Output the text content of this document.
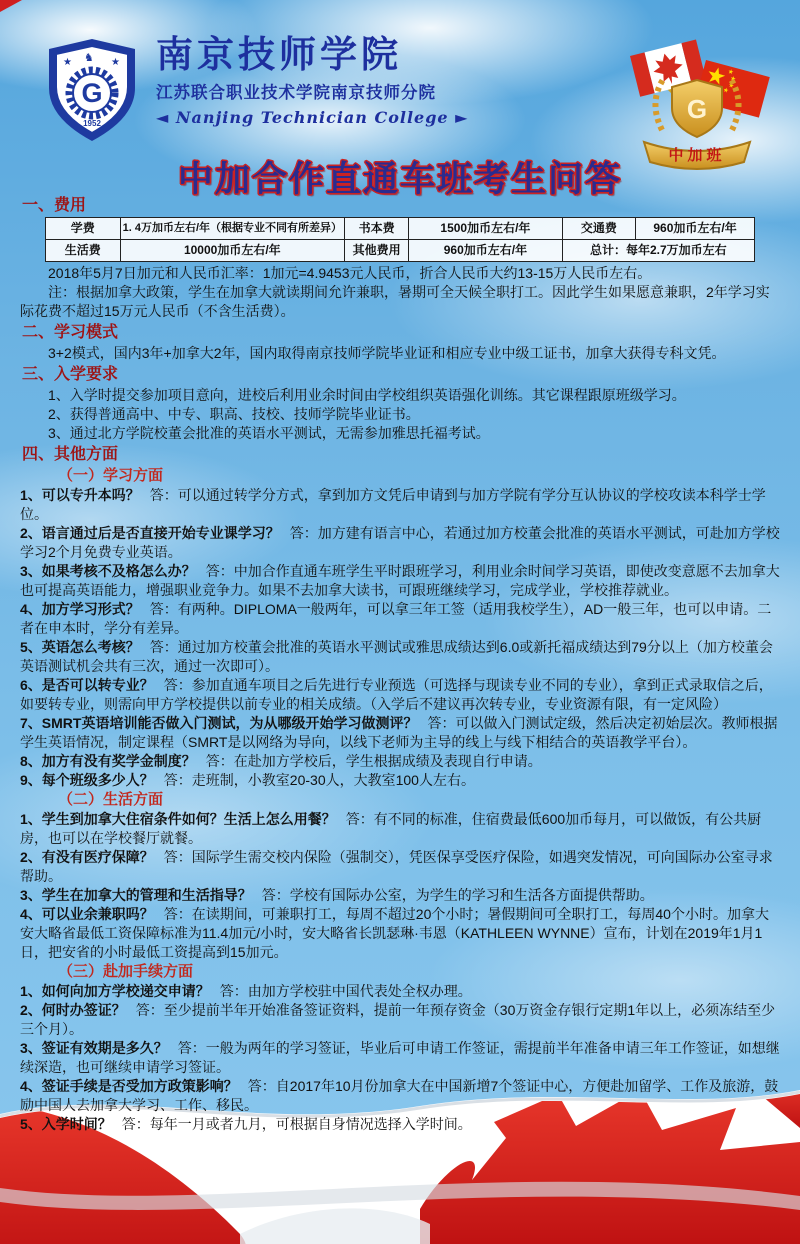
★	★
♞
G
1952
南京技师学院
江苏联合职业技术学院南京技师分院
◄ Nanjing Technician College ►	G
中加班
中加合作直通车班考生问答
一、费用
学费	1. 4万加币左右/年（根据专业不同有所差异）	书本费	1500加币左右/年	交通费	960加币左右/年
生活费	10000加币左右/年	其他费用	960加币左右/年	总计：每年2.7万加币左右	

2018年5月7日加元和人民币汇率：1加元=4.9453元人民币，折合人民币大约13-15万人民币左右。

注：根据加拿大政策，学生在加拿大就读期间允许兼职，暑期可全天候全职打工。因此学生如果愿意兼职，2年学习实际花费不超过15万元人民币（不含生活费）。

二、学习模式

3+2模式，国内3年+加拿大2年，国内取得南京技师学院毕业证和相应专业中级工证书，加拿大获得专科文凭。

三、入学要求

1、入学时提交参加项目意向，进校后利用业余时间由学校组织英语强化训练。其它课程跟原班级学习。

2、获得普通高中、中专、职高、技校、技师学院毕业证书。

3、通过北方学院校董会批准的英语水平测试，无需参加雅思托福考试。

四、其他方面
（一）学习方面

1、可以专升本吗？ 答：可以通过转学分方式，拿到加方文凭后申请到与加方学院有学分互认协议的学校攻读本科学士学位。

2、语言通过后是否直接开始专业课学习？ 答：加方建有语言中心，若通过加方校董会批准的英语水平测试，可赴加方学校学习2个月免费专业英语。

3、如果考核不及格怎么办？ 答：中加合作直通车班学生平时跟班学习，利用业余时间学习英语，即使改变意愿不去加拿大也可提高英语能力，增强职业竞争力。如果不去加拿大读书，可跟班继续学习，完成学业，学校推荐就业。

4、加方学习形式？ 答：有两种。DIPLOMA一般两年，可以拿三年工签（适用我校学生），AD一般三年，也可以申请。二者在申本时，学分有差异。

5、英语怎么考核？ 答：通过加方校董会批准的英语水平测试或雅思成绩达到6.0或新托福成绩达到79分以上（加方校董会英语测试机会共有三次，通过一次即可）。

6、是否可以转专业？ 答：参加直通车项目之后先进行专业预选（可选择与现读专业不同的专业），拿到正式录取信之后，如要转专业，则需向甲方学校提供以前专业的相关成绩。（入学后不建议再次转专业，专业资源有限，有一定风险）

7、SMRT英语培训能否做入门测试，为从哪级开始学习做测评？ 答：可以做入门测试定级，然后决定初始层次。教师根据学生英语情况，制定课程（SMRT是以网络为导向，以线下老师为主导的线上与线下相结合的英语教学平台）。

8、加方有没有奖学金制度？ 答：在赴加方学校后，学生根据成绩及表现自行申请。

9、每个班级多少人？ 答：走班制，小教室20-30人，大教室100人左右。

（二）生活方面

1、学生到加拿大住宿条件如何？生活上怎么用餐？ 答：有不同的标准，住宿费最低600加币每月，可以做饭，有公共厨房，也可以在学校餐厅就餐。

2、有没有医疗保障？ 答：国际学生需交校内保险（强制交），凭医保享受医疗保险，如遇突发情况，可向国际办公室寻求帮助。

3、学生在加拿大的管理和生活指导？ 答：学校有国际办公室，为学生的学习和生活各方面提供帮助。

4、可以业余兼职吗？ 答：在读期间，可兼职打工，每周不超过20个小时；暑假期间可全职打工，每周40个小时。加拿大安大略省最低工资保障标准为11.4加元/小时，安大略省长凯瑟琳·韦恩（KATHLEEN WYNNE）宣布，计划在2019年1月1日，把安省的小时最低工资提高到15加元。

（三）赴加手续方面

1、如何向加方学校递交申请？ 答：由加方学校驻中国代表处全权办理。

2、何时办签证？ 答：至少提前半年开始准备签证资料，提前一年预存资金（30万资金存银行定期1年以上，必须冻结至少三个月）。

3、签证有效期是多久？ 答：一般为两年的学习签证，毕业后可申请工作签证，需提前半年准备申请三年工作签证，如想继续深造，也可继续申请学习签证。

4、签证手续是否受加方政策影响？ 答：自2017年10月份加拿大在中国新增7个签证中心，方便赴加留学、工作及旅游，鼓励中国人去加拿大学习、工作、移民。

5、入学时间？ 答：每年一月或者九月，可根据自身情况选择入学时间。
